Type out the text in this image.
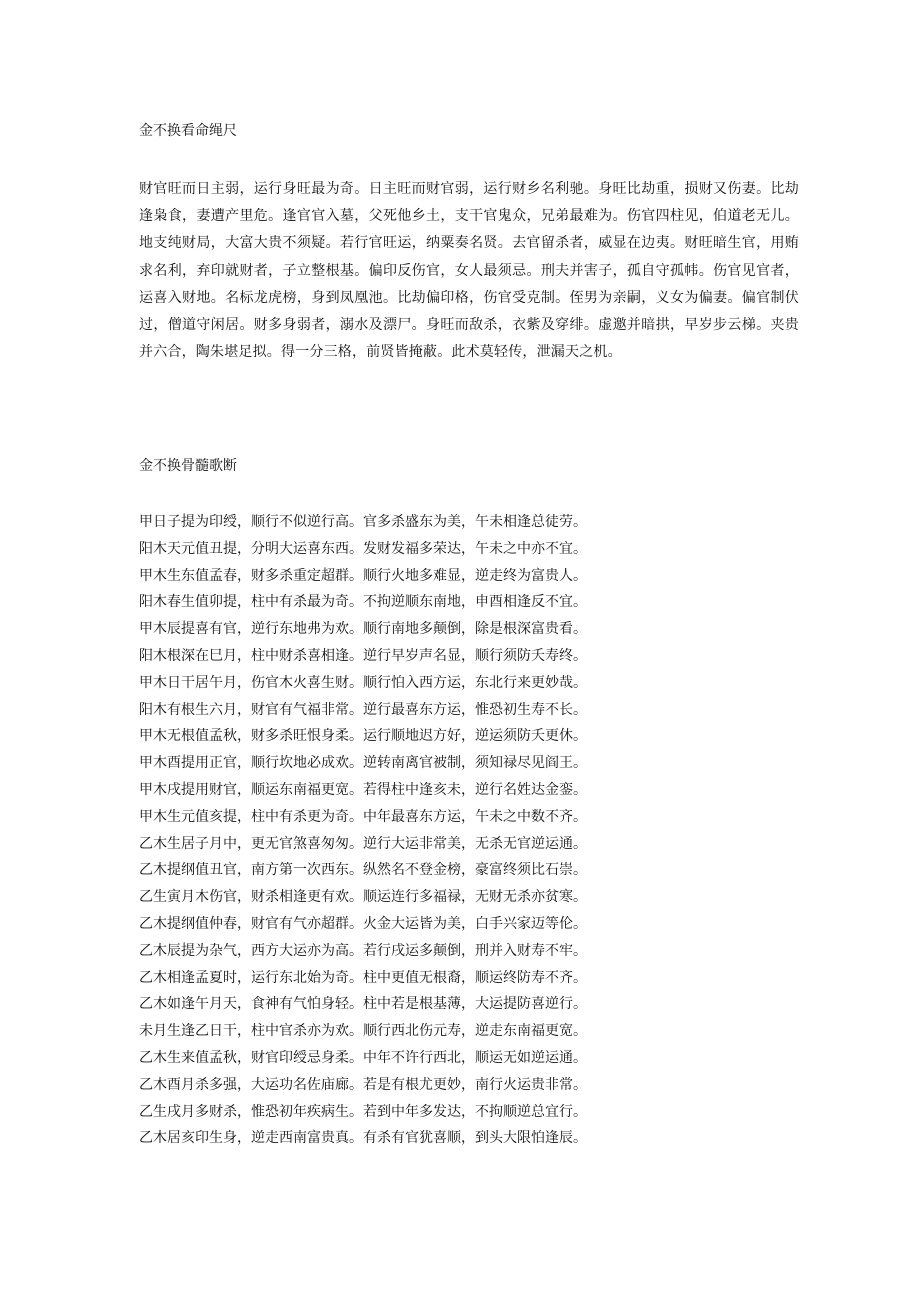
金不换看命绳尺
财官旺而日主弱，运行身旺最为奇。日主旺而财官弱，运行财乡名利驰。身旺比劫重，损财又伤妻。比劫逢枭食，妻遭产里危。逢官官入墓，父死他乡土，支干官鬼众，兄弟最难为。伤官四柱见，伯道老无儿。地支纯财局，大富大贵不须疑。若行官旺运，纳粟奏名贤。去官留杀者，威显在边夷。财旺暗生官，用贿求名利，弃印就财者，子立整根基。偏印反伤官，女人最须忌。刑夫并害子，孤自守孤帏。伤官见官者，运喜入财地。名标龙虎榜，身到凤凰池。比劫偏印格，伤官受克制。侄男为亲嗣，义女为偏妻。偏官制伏过，僧道守闲居。财多身弱者，溺水及漂尸。身旺而敌杀，衣紫及穿绯。虚邀并暗拱，早岁步云梯。夹贵并六合，陶朱堪足拟。得一分三格，前贤皆掩蔽。此术莫轻传，泄漏天之机。
金不换骨髓歌断
甲日子提为印绶，顺行不似逆行高。官多杀盛东为美，午未相逢总徒劳。
阳木天元值丑提，分明大运喜东西。发财发福多荣达，午未之中亦不宜。
甲木生东值孟春，财多杀重定超群。顺行火地多难显，逆走终为富贵人。
阳木春生值卯提，柱中有杀最为奇。不拘逆顺东南地，申酉相逢反不宜。
甲木辰提喜有官，逆行东地弗为欢。顺行南地多颠倒，除是根深富贵看。
阳木根深在巳月，柱中财杀喜相逢。逆行早岁声名显，顺行须防夭寿终。
甲木日干居午月，伤官木火喜生财。顺行怕入西方运，东北行来更妙哉。
阳木有根生六月，财官有气福非常。逆行最喜东方运，惟恐初生寿不长。
甲木无根值孟秋，财多杀旺恨身柔。运行顺地迟方好，逆运须防夭更休。
甲木酉提用正官，顺行坎地必成欢。逆转南离官被制，须知禄尽见阎王。
甲木戌提用财官，顺运东南福更宽。若得柱中逢亥未，逆行名姓达金銮。
甲木生元值亥提，柱中有杀更为奇。中年最喜东方运，午未之中数不齐。
乙木生居子月中，更无官煞喜匆匆。逆行大运非常美，无杀无官逆运通。
乙木提纲值丑官，南方第一次西东。纵然名不登金榜，豪富终须比石崇。
乙生寅月木伤官，财杀相逢更有欢。顺运连行多福禄，无财无杀亦贫寒。
乙木提纲值仲春，财官有气亦超群。火金大运皆为美，白手兴家迈等伦。
乙木辰提为杂气，西方大运亦为高。若行戌运多颠倒，刑并入财寿不牢。
乙木相逢孟夏时，运行东北始为奇。柱中更值无根裔，顺运终防寿不齐。
乙木如逢午月天，食神有气怕身轻。柱中若是根基薄，大运提防喜逆行。
未月生逢乙日干，柱中官杀亦为欢。顺行西北伤元寿，逆走东南福更宽。
乙木生来值孟秋，财官印绶忌身柔。中年不许行西北，顺运无如逆运通。
乙木酉月杀多强，大运功名佐庙廊。若是有根尤更妙，南行火运贵非常。
乙生戌月多财杀，惟恐初年疾病生。若到中年多发达，不拘顺逆总宜行。
乙木居亥印生身，逆走西南富贵真。有杀有官犹喜顺，到头大限怕逢辰。
